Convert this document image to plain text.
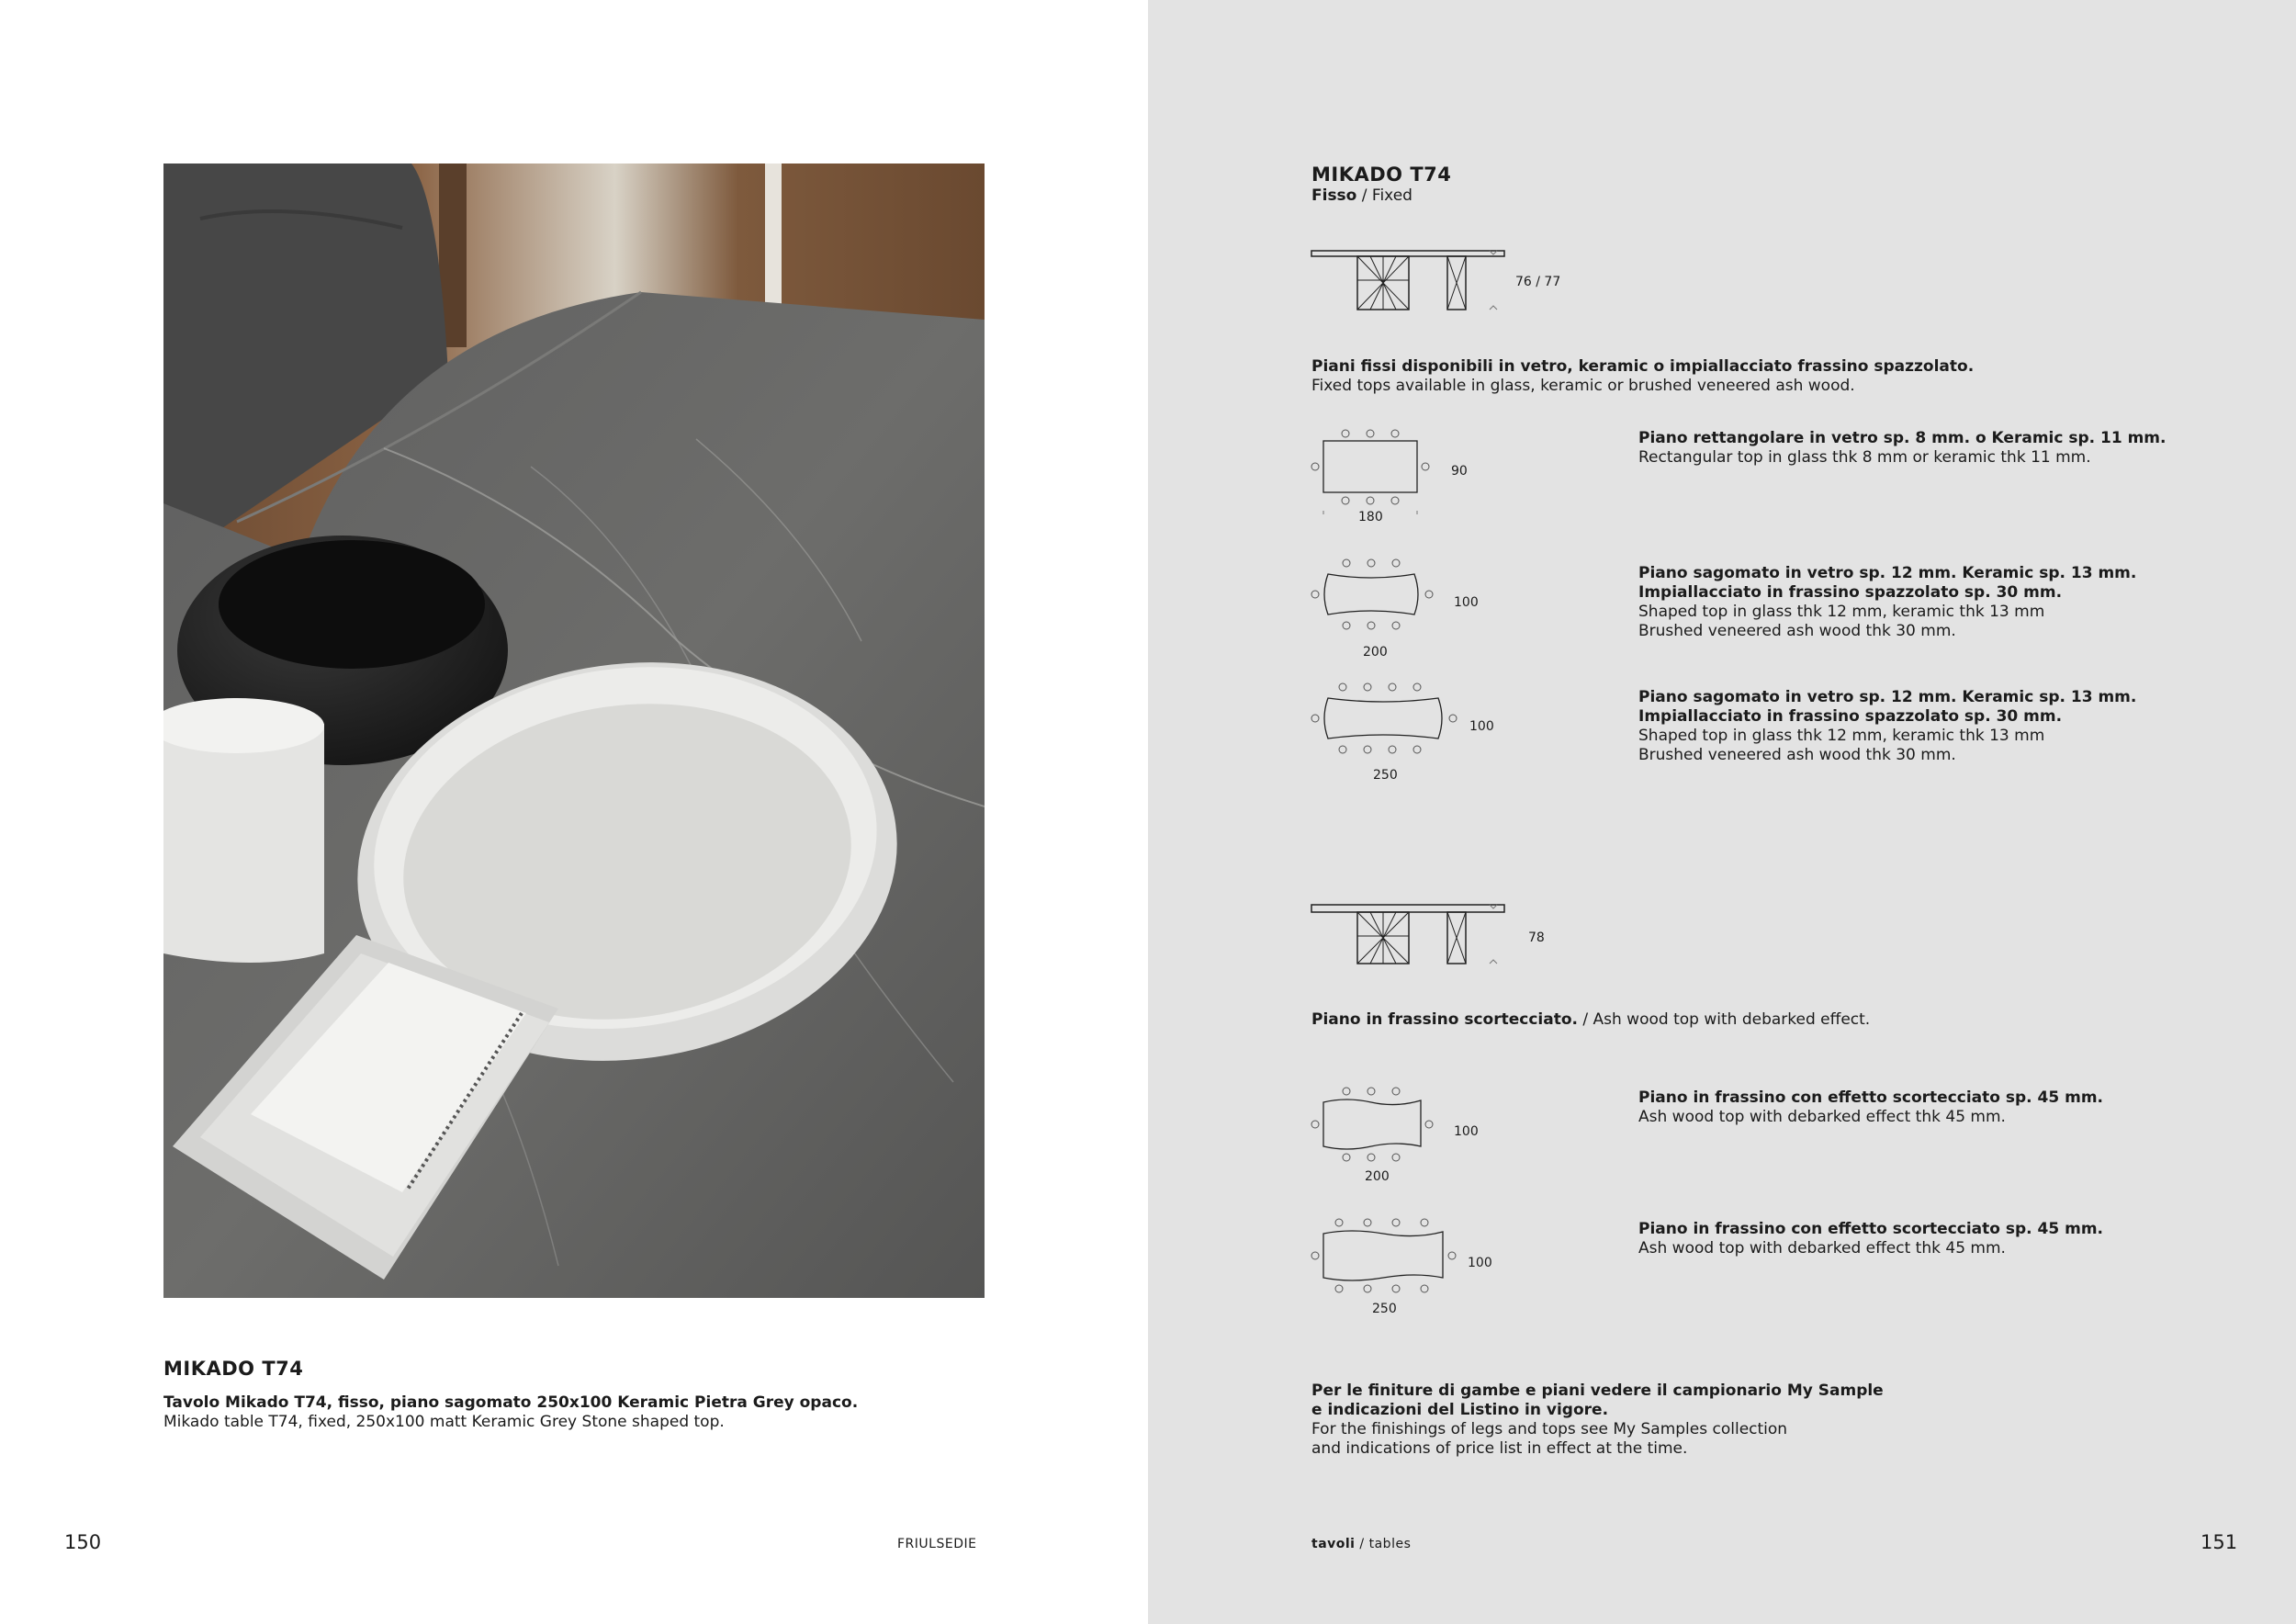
MIKADO T74
Tavolo Mikado T74, fisso, piano sagomato 250x100 Keramic Pietra Grey opaco.
Mikado table T74, fixed, 250x100 matt Keramic Grey Stone shaped top.
150	FRIULSEDIE
MIKADO T74
Fisso / Fixed
76 / 77
Piani fissi disponibili in vetro, keramic o impiallacciato frassino spazzolato.
Fixed tops available in glass, keramic or brushed veneered ash wood.
180
90
200
100
250
100
Piano rettangolare in vetro sp. 8 mm. o Keramic sp. 11 mm.
Rectangular top in glass thk 8 mm or keramic thk 11 mm.
Piano sagomato in vetro sp. 12 mm. Keramic sp. 13 mm.
Impiallacciato in frassino spazzolato sp. 30 mm.
Shaped top in glass thk 12 mm, keramic thk 13 mm
Brushed veneered ash wood thk 30 mm.
Piano sagomato in vetro sp. 12 mm. Keramic sp. 13 mm.
Impiallacciato in frassino spazzolato sp. 30 mm.
Shaped top in glass thk 12 mm, keramic thk 13 mm
Brushed veneered ash wood thk 30 mm.
78
Piano in frassino scortecciato. / Ash wood top with debarked effect.
200
100
250
100
Piano in frassino con effetto scortecciato sp. 45 mm.
Ash wood top with debarked effect thk 45 mm.
Piano in frassino con effetto scortecciato sp. 45 mm.
Ash wood top with debarked effect thk 45 mm.
Per le finiture di gambe e piani vedere il campionario My Sample
e indicazioni del Listino in vigore.
For the finishings of legs and tops see My Samples collection
and indications of price list in effect at the time.
tavoli / tables	151
